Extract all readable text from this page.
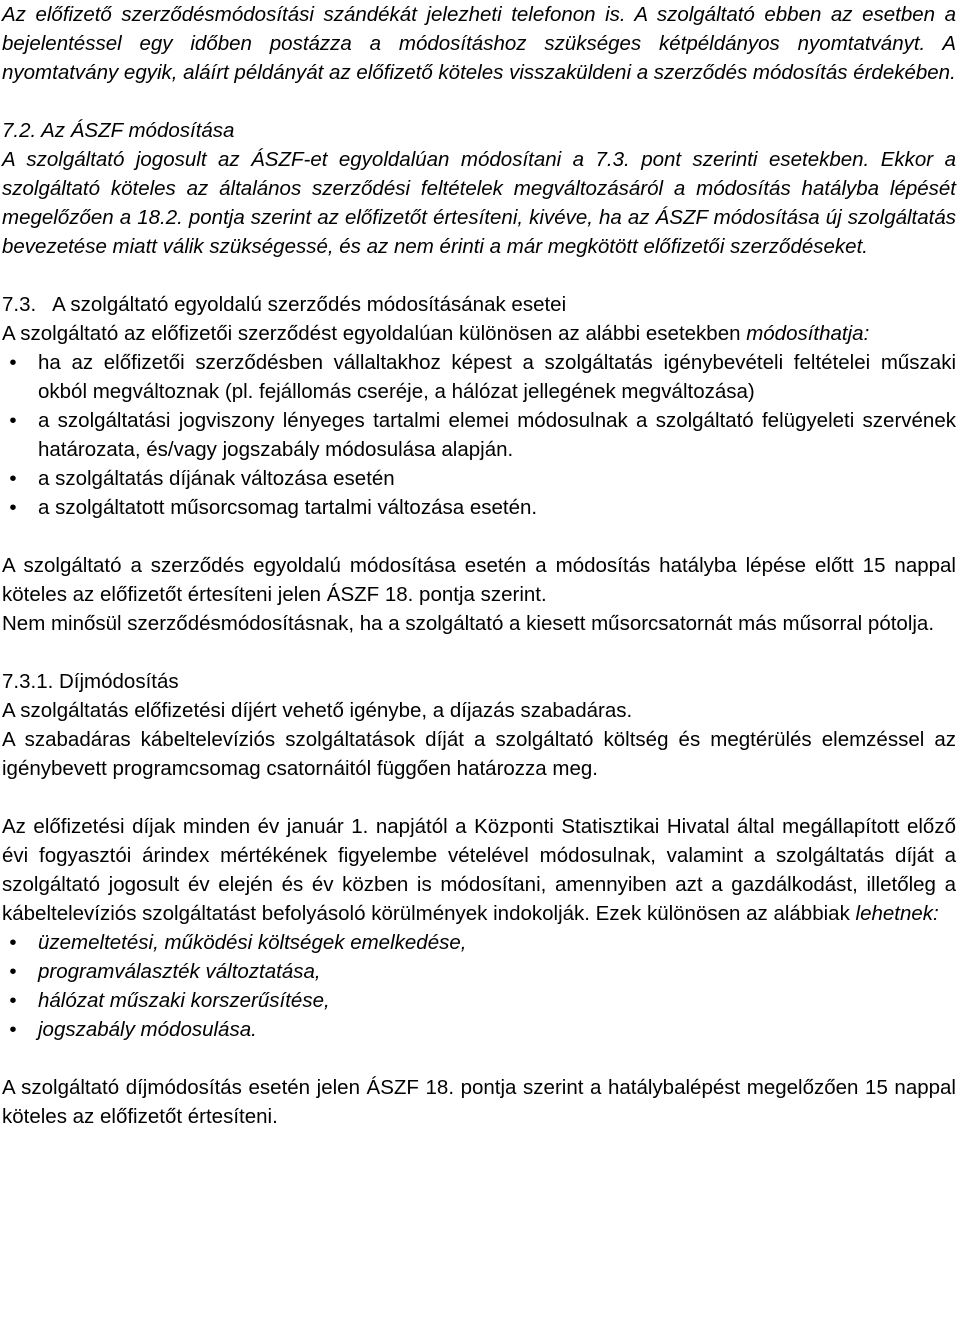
Az előfizető szerződésmódosítási szándékát jelezheti telefonon is. A szolgáltató ebben az esetben a bejelentéssel egy időben postázza a módosításhoz szükséges kétpéldányos nyomtatványt. A nyomtatvány egyik, aláírt példányát az előfizető köteles visszaküldeni a szerződés módosítás érdekében.

7.2. Az ÁSZF módosítása

A szolgáltató jogosult az ÁSZF-et egyoldalúan módosítani a 7.3. pont szerinti esetekben. Ekkor a szolgáltató köteles az általános szerződési feltételek megváltozásáról a módosítás hatályba lépését megelőzően a 18.2. pontja szerint az előfizetőt értesíteni, kivéve, ha az ÁSZF módosítása új szolgáltatás bevezetése miatt válik szükségessé, és az nem érinti a már megkötött előfizetői szerződéseket.

7.3. A szolgáltató egyoldalú szerződés módosításának esetei

A szolgáltató az előfizetői szerződést egyoldalúan különösen az alábbi esetekben módosíthatja:

• ha az előfizetői szerződésben vállaltakhoz képest a szolgáltatás igénybevételi feltételei műszaki okból megváltoznak (pl. fejállomás cseréje, a hálózat jellegének megváltozása)
• a szolgáltatási jogviszony lényeges tartalmi elemei módosulnak a szolgáltató felügyeleti szervének határozata, és/vagy jogszabály módosulása alapján.
• a szolgáltatás díjának változása esetén
• a szolgáltatott műsorcsomag tartalmi változása esetén.

A szolgáltató a szerződés egyoldalú módosítása esetén a módosítás hatályba lépése előtt 15 nappal köteles az előfizetőt értesíteni jelen ÁSZF 18. pontja szerint.

Nem minősül szerződésmódosításnak, ha a szolgáltató a kiesett műsorcsatornát más műsorral pótolja.

7.3.1. Díjmódosítás

A szolgáltatás előfizetési díjért vehető igénybe, a díjazás szabadáras.

A szabadáras kábeltelevíziós szolgáltatások díját a szolgáltató költség és megtérülés elemzéssel az igénybevett programcsomag csatornáitól függően határozza meg.

Az előfizetési díjak minden év január 1. napjától a Központi Statisztikai Hivatal által megállapított előző évi fogyasztói árindex mértékének figyelembe vételével módosulnak, valamint a szolgáltatás díját a szolgáltató jogosult év elején és év közben is módosítani, amennyiben azt a gazdálkodást, illetőleg a kábeltelevíziós szolgáltatást befolyásoló körülmények indokolják. Ezek különösen az alábbiak lehetnek:

• üzemeltetési, működési költségek emelkedése,
• programválaszték változtatása,
• hálózat műszaki korszerűsítése,
• jogszabály módosulása.

A szolgáltató díjmódosítás esetén jelen ÁSZF 18. pontja szerint a hatálybalépést megelőzően 15 nappal köteles az előfizetőt értesíteni.
